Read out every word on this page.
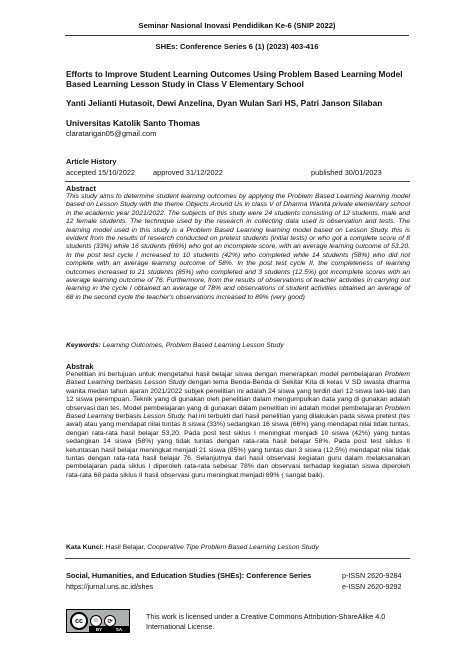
Seminar Nasional Inovasi Pendidikan Ke-6 (SNIP 2022)
SHEs: Conference Series 6 (1) (2023) 403-416
Efforts to Improve Student Learning Outcomes Using Problem Based Learning Model Based Learning Lesson Study in Class V Elementary School
Yanti Jelianti Hutasoit, Dewi Anzelina, Dyan Wulan Sari HS, Patri Janson Silaban
Universitas Katolik Santo Thomas
claratarigan05@gmail.com
Article History
accepted 15/10/2022 approved 31/12/2022	published 30/01/2023
Abstract
This study aims to determine student learning outcomes by applying the Problem Based Learning learning model based on Lesson Study with the theme Objects Around Us in class V of Dharma Wanita private elementary school in the academic year 2021/2022. The subjects of this study were 24 students consisting of 12 students. male and 12 female students. The technique used by the research in collecting data used is observation and tests. The learning model used in this study is a Problem Based Learning learning model based on Lesson Study. this is evident from the results of research conducted on pretest students (initial tests) or who got a complete score of 8 students (33%) while 16 students (66%) who got an incomplete score, with an average learning outcome of 53.20. In the post test cycle I increased to 10 students (42%) who completed while 14 students (58%) who did not complete with an average learning outcome of 58%. In the post test cycle II, the completeness of learning outcomes increased to 21 students (85%) who completed and 3 students (12.5%) got incomplete scores with an average learning outcome of 76. Furthermore, from the results of observations of teacher activities in carrying out learning in the cycle I obtained an average of 78% and observations of student activities obtained an average of 68 in the second cycle the teacher's observations increased to 89% (very good)
Keywords: Learning Outcomes, Problem Based Learning Lesson Study
Abstrak
Penelitian ini bertujuan untuk mengetahui hasil belajar siswa dengan menerapkan model pembelajaran Problem Based Learning berbasis Lesson Study dengan tema Benda-Benda di Sekitar Kita di kelas V SD swasta dharma wanita medan tahun ajaran 2021/2022 subjek penelitian ini adalah 24 siswa yang terdiri dari 12 siswa laki-laki dan 12 siswa perempuan. Teknik yang di gunakan oleh penelitian dalam mengumpulkan data yang di gunakan adalah observasi dan tes. Model pembelajaran yang di gunakan dalam penelitian ini adalah model pembelajaran Problem Based Learning berbasis Lesson Study. hal ini terbukti dari hasil penelitian yang dilakukan pada siswa pretest (tes awal) atau yang mendapat nilai tuntas 8 siswa (33%) sedangkan 16 siswa (66%) yang mendapat nilai tidak tuntas, dengan rata-rata hasil belajar 53,20. Pada post test siklus I meningkat menjadi 10 siswa (42%) yang tuntas sedangkan 14 siswa (58%) yang tidak tuntas dengan rata-rata hasil belajar 58%. Pada post test siklus II ketuntasan hasil belajar meningkat menjadi 21 siswa (85%) yang tuntas dan 3 siswa (12,5%) mendapat nilai tidak tuntas dengan rata-rata hasil belajar 76. Selanjutnya dari hasil observasi kegiatan guru dalam melaksanakan pembelajaran pada siklus I diperoleh rata-rata sebesar 78% dan observasi terhadap kegiatan siswa diperoleh rata-rata 68 pada siklus II hasil observasi guru meningkat menjadi 89% ( sangat baik).
Kata Kunci: Hasil Belajar, Cooperative Tipe Problem Based Learning Lesson Study
Social, Humanities, and Education Studies (SHEs): Conference Series
https://jurnal.uns.ac.id/shes
p-ISSN 2620-9284
e-ISSN 2620-9292
cc	☺	⟳
BY	SA
This work is licensed under a Creative Commons Attribution-ShareAlike 4.0 International License.
